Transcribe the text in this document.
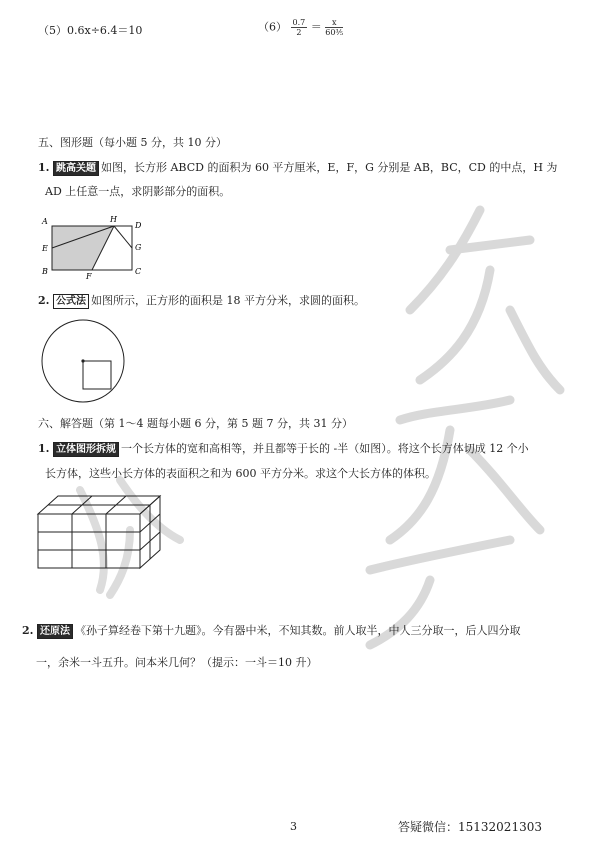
（5）0.6x÷6.4＝10	$(6) \frac{0.7}{2} = \frac{x}{\text{60⅗}}$
五、图形题（每小题 5 分，共 10 分）
1. 跳高关题 如图，长方形 ABCD 的面积为 60 平方厘米，E，F，G 分别是 AB，BC，CD 的中点，H 为
AD 上任意一点，求阴影部分的面积。
A
E
B
H
D
G
C
F
2. 公式法 如图所示，正方形的面积是 18 平方分米，求圆的面积。
六、解答题（第 1～4 题每小题 6 分，第 5 题 7 分，共 31 分）
1. 立体图形拆规 一个长方体的宽和高相等，并且都等于长的 -半（如图）。将这个长方体切成 12 个小
长方体，这些小长方体的表面积之和为 600 平方分米。求这个大长方体的体积。
2. 还原法 《孙子算经卷下第十九题》。今有器中米，不知其数。前人取半，中人三分取一，后人四分取
一，余米一斗五升。问本米几何？（提示：一斗＝10 升）
3	答疑微信：15132021303
